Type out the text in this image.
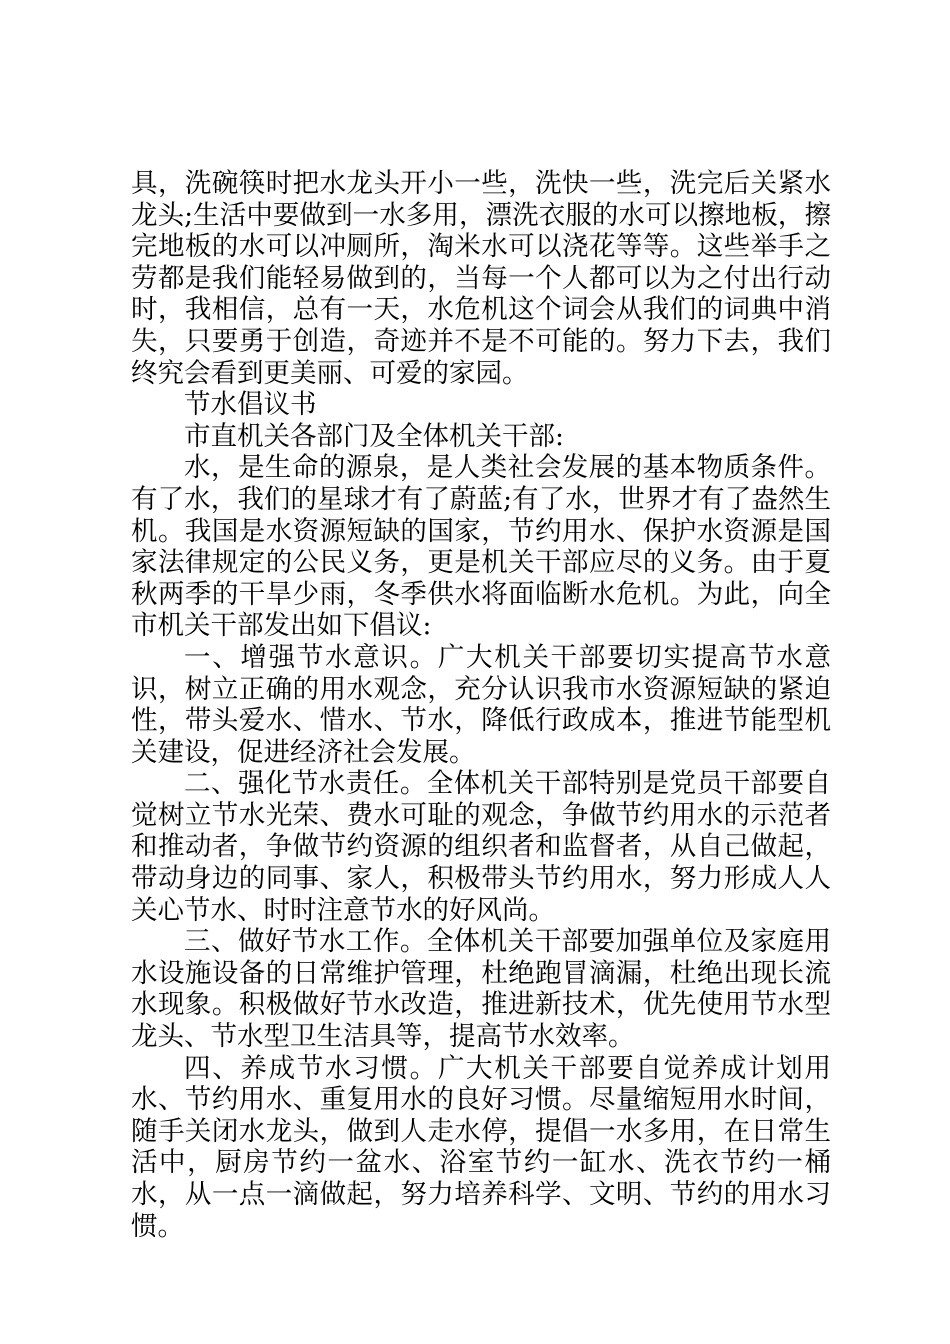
具，洗碗筷时把水龙头开小一些，洗快一些，洗完后关紧水龙头;生活中要做到一水多用，漂洗衣服的水可以擦地板，擦完地板的水可以冲厕所，淘米水可以浇花等等。这些举手之劳都是我们能轻易做到的，当每一个人都可以为之付出行动时，我相信，总有一天，水危机这个词会从我们的词典中消失，只要勇于创造，奇迹并不是不可能的。努力下去，我们终究会看到更美丽、可爱的家园。

节水倡议书

市直机关各部门及全体机关干部:

水，是生命的源泉，是人类社会发展的基本物质条件。有了水，我们的星球才有了蔚蓝;有了水，世界才有了盎然生机。我国是水资源短缺的国家，节约用水、保护水资源是国家法律规定的公民义务，更是机关干部应尽的义务。由于夏秋两季的干旱少雨，冬季供水将面临断水危机。为此，向全市机关干部发出如下倡议:

一、增强节水意识。广大机关干部要切实提高节水意识，树立正确的用水观念，充分认识我市水资源短缺的紧迫性，带头爱水、惜水、节水，降低行政成本，推进节能型机关建设，促进经济社会发展。

二、强化节水责任。全体机关干部特别是党员干部要自觉树立节水光荣、费水可耻的观念，争做节约用水的示范者和推动者，争做节约资源的组织者和监督者，从自己做起，带动身边的同事、家人，积极带头节约用水，努力形成人人关心节水、时时注意节水的好风尚。

三、做好节水工作。全体机关干部要加强单位及家庭用水设施设备的日常维护管理，杜绝跑冒滴漏，杜绝出现长流水现象。积极做好节水改造，推进新技术，优先使用节水型龙头、节水型卫生洁具等，提高节水效率。

四、养成节水习惯。广大机关干部要自觉养成计划用水、节约用水、重复用水的良好习惯。尽量缩短用水时间，随手关闭水龙头，做到人走水停，提倡一水多用，在日常生活中，厨房节约一盆水、浴室节约一缸水、洗衣节约一桶水，从一点一滴做起，努力培养科学、文明、节约的用水习惯。
